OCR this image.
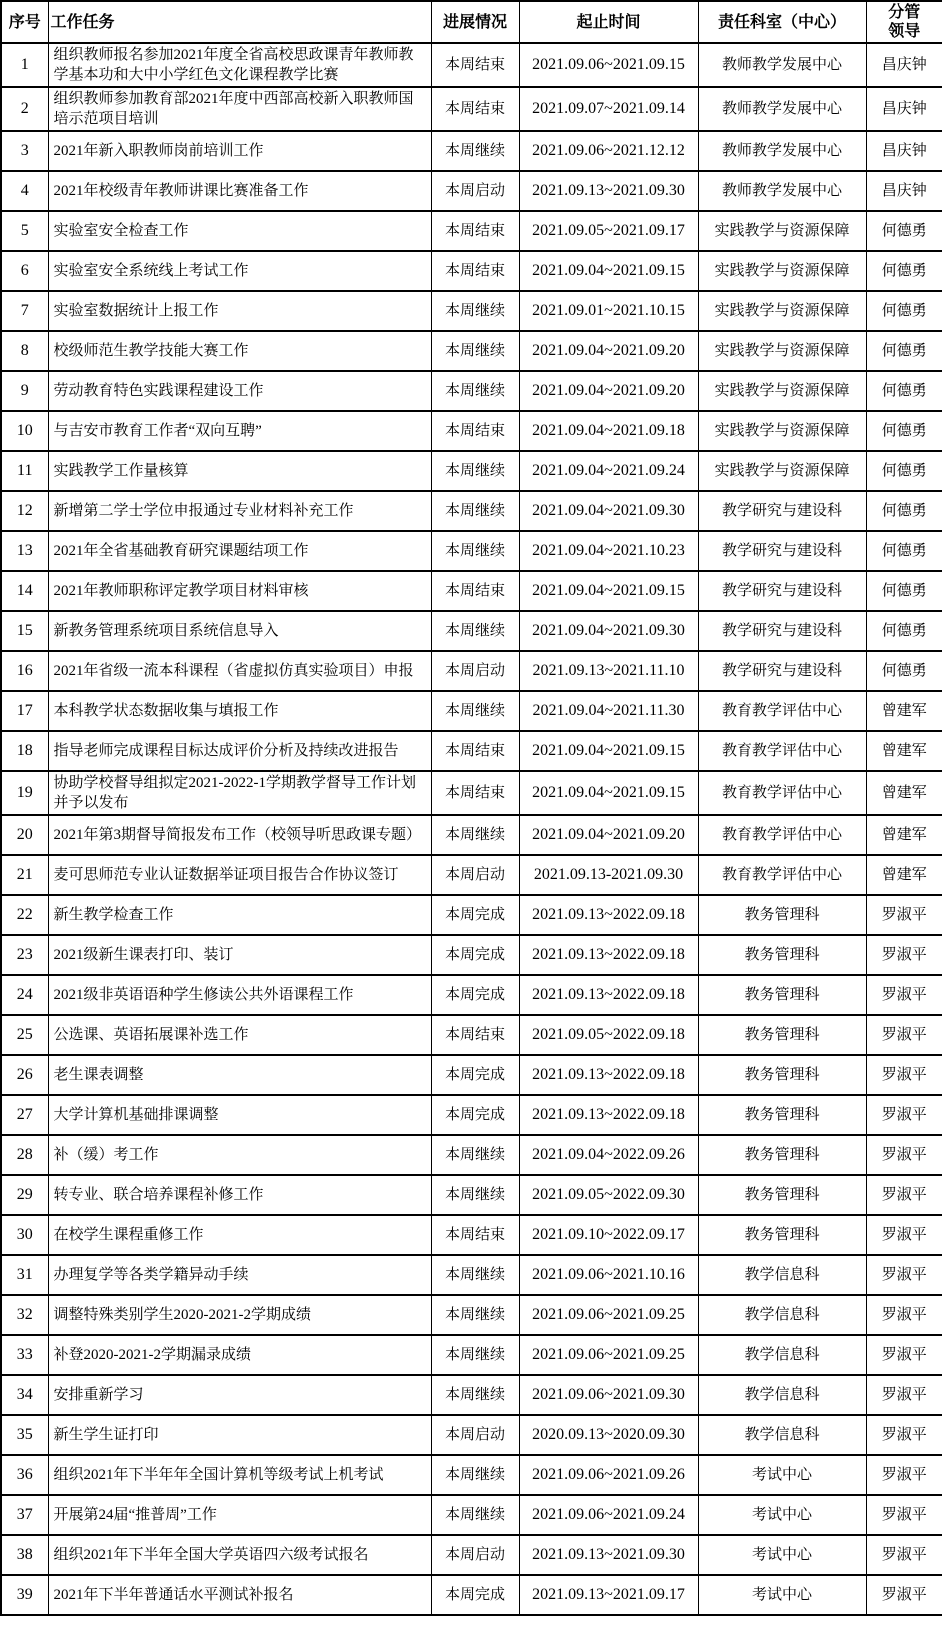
序号	工作任务	进展情况	起止时间	责任科室（中心）	分管领导
1	组织教师报名参加2021年度全省高校思政课青年教师教学基本功和大中小学红色文化课程教学比赛	本周结束	2021.09.06~2021.09.15	教师教学发展中心	昌庆钟
2	组织教师参加教育部2021年度中西部高校新入职教师国培示范项目培训	本周结束	2021.09.07~2021.09.14	教师教学发展中心	昌庆钟
3	2021年新入职教师岗前培训工作	本周继续	2021.09.06~2021.12.12	教师教学发展中心	昌庆钟
4	2021年校级青年教师讲课比赛准备工作	本周启动	2021.09.13~2021.09.30	教师教学发展中心	昌庆钟
5	实验室安全检查工作	本周结束	2021.09.05~2021.09.17	实践教学与资源保障	何德勇
6	实验室安全系统线上考试工作	本周结束	2021.09.04~2021.09.15	实践教学与资源保障	何德勇
7	实验室数据统计上报工作	本周继续	2021.09.01~2021.10.15	实践教学与资源保障	何德勇
8	校级师范生教学技能大赛工作	本周继续	2021.09.04~2021.09.20	实践教学与资源保障	何德勇
9	劳动教育特色实践课程建设工作	本周继续	2021.09.04~2021.09.20	实践教学与资源保障	何德勇
10	与吉安市教育工作者“双向互聘”	本周结束	2021.09.04~2021.09.18	实践教学与资源保障	何德勇
11	实践教学工作量核算	本周继续	2021.09.04~2021.09.24	实践教学与资源保障	何德勇
12	新增第二学士学位申报通过专业材料补充工作	本周继续	2021.09.04~2021.09.30	教学研究与建设科	何德勇
13	2021年全省基础教育研究课题结项工作	本周继续	2021.09.04~2021.10.23	教学研究与建设科	何德勇
14	2021年教师职称评定教学项目材料审核	本周结束	2021.09.04~2021.09.15	教学研究与建设科	何德勇
15	新教务管理系统项目系统信息导入	本周继续	2021.09.04~2021.09.30	教学研究与建设科	何德勇
16	2021年省级一流本科课程（省虚拟仿真实验项目）申报	本周启动	2021.09.13~2021.11.10	教学研究与建设科	何德勇
17	本科教学状态数据收集与填报工作	本周继续	2021.09.04~2021.11.30	教育教学评估中心	曾建军
18	指导老师完成课程目标达成评价分析及持续改进报告	本周结束	2021.09.04~2021.09.15	教育教学评估中心	曾建军
19	协助学校督导组拟定2021-2022-1学期教学督导工作计划并予以发布	本周结束	2021.09.04~2021.09.15	教育教学评估中心	曾建军
20	2021年第3期督导简报发布工作（校领导听思政课专题）	本周继续	2021.09.04~2021.09.20	教育教学评估中心	曾建军
21	麦可思师范专业认证数据举证项目报告合作协议签订	本周启动	2021.09.13-2021.09.30	教育教学评估中心	曾建军
22	新生教学检查工作	本周完成	2021.09.13~2022.09.18	教务管理科	罗淑平
23	2021级新生课表打印、装订	本周完成	2021.09.13~2022.09.18	教务管理科	罗淑平
24	2021级非英语语种学生修读公共外语课程工作	本周完成	2021.09.13~2022.09.18	教务管理科	罗淑平
25	公选课、英语拓展课补选工作	本周结束	2021.09.05~2022.09.18	教务管理科	罗淑平
26	老生课表调整	本周完成	2021.09.13~2022.09.18	教务管理科	罗淑平
27	大学计算机基础排课调整	本周完成	2021.09.13~2022.09.18	教务管理科	罗淑平
28	补（缓）考工作	本周继续	2021.09.04~2022.09.26	教务管理科	罗淑平
29	转专业、联合培养课程补修工作	本周继续	2021.09.05~2022.09.30	教务管理科	罗淑平
30	在校学生课程重修工作	本周结束	2021.09.10~2022.09.17	教务管理科	罗淑平
31	办理复学等各类学籍异动手续	本周继续	2021.09.06~2021.10.16	教学信息科	罗淑平
32	调整特殊类别学生2020-2021-2学期成绩	本周继续	2021.09.06~2021.09.25	教学信息科	罗淑平
33	补登2020-2021-2学期漏录成绩	本周继续	2021.09.06~2021.09.25	教学信息科	罗淑平
34	安排重新学习	本周继续	2021.09.06~2021.09.30	教学信息科	罗淑平
35	新生学生证打印	本周启动	2020.09.13~2020.09.30	教学信息科	罗淑平
36	组织2021年下半年年全国计算机等级考试上机考试	本周继续	2021.09.06~2021.09.26	考试中心	罗淑平
37	开展第24届“推普周”工作	本周继续	2021.09.06~2021.09.24	考试中心	罗淑平
38	组织2021年下半年全国大学英语四六级考试报名	本周启动	2021.09.13~2021.09.30	考试中心	罗淑平
39	2021年下半年普通话水平测试补报名	本周完成	2021.09.13~2021.09.17	考试中心	罗淑平
